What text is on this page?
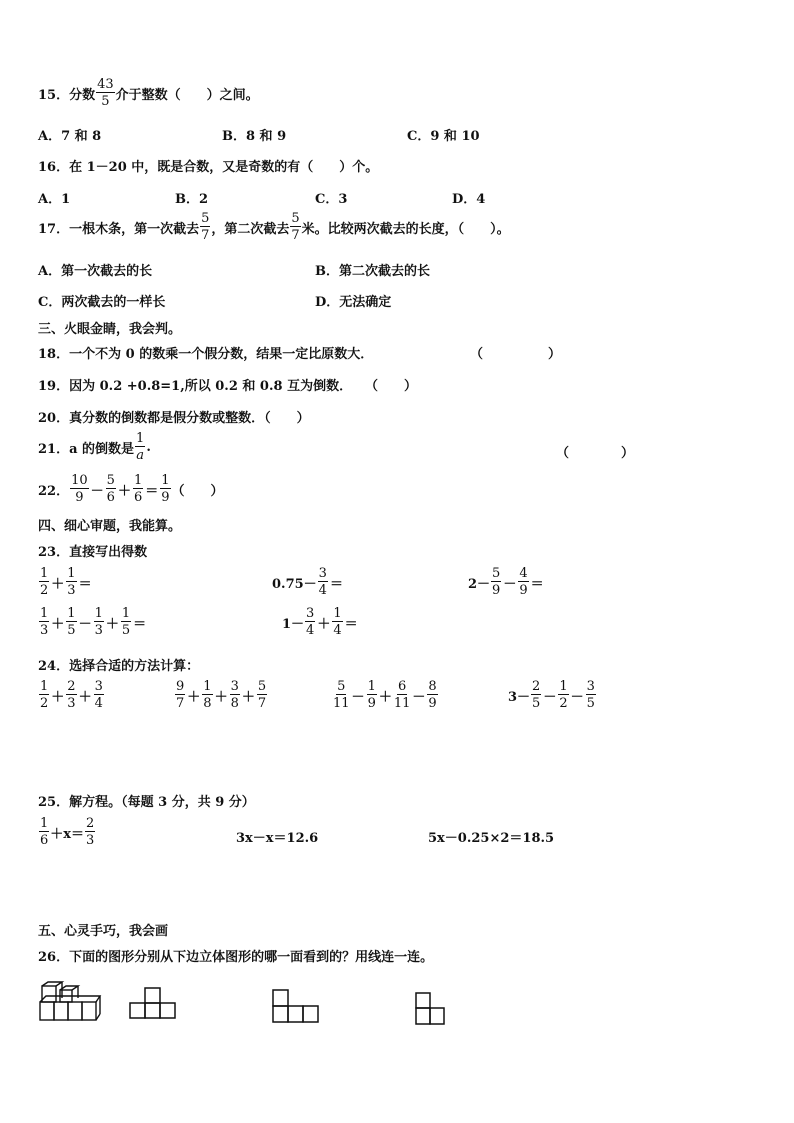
15．分数 $\frac{43}{5}$ 介于整数（　　）之间。
A．7 和 8	B．8 和 9	C．9 和 10
16．在 1－20 中，既是合数，又是奇数的有（　　）个。
A．1	B．2	C．3	D．4
17．一根木条，第一次截去 $\frac{5}{7}$ ，第二次截去 $\frac{5}{7}$ 米。比较两次截去的长度，（　　）。
A．第一次截去的长	B．第二次截去的长
C．两次截去的一样长	D．无法确定
三、火眼金睛，我会判。
18．一个不为 0 的数乘一个假分数，结果一定比原数大．	（　　　　　）
19．因为 0.2 +0.8=1,所以 0.2 和 0.8 互为倒数． （　　）
20．真分数的倒数都是假分数或整数．（　　）
21．a 的倒数是 $\frac{1}{a}$ .	（　　　　）
22． $\frac{10}{9} - \frac{5}{6} + \frac{1}{6} = \frac{1}{9}$ （　　）
四、细心审题，我能算。
23．直接写出得数
$\frac{1}{2} + \frac{1}{3}$ ＝	$0.75- \frac{3}{4}$ ＝	$2- \frac{5}{9} - \frac{4}{9}$ ＝
$\frac{1}{3} + \frac{1}{5} - \frac{1}{3} + \frac{1}{5}$ ＝	$1- \frac{3}{4} + \frac{1}{4}$ ＝
24．选择合适的方法计算：
$\frac{1}{2} + \frac{2}{3} + \frac{3}{4}$	$\frac{9}{7} + \frac{1}{8} + \frac{3}{8} + \frac{5}{7}$	$\frac{5}{11} - \frac{1}{9} + \frac{6}{11} - \frac{8}{9}$	$3- \frac{2}{5} - \frac{1}{2} - \frac{3}{5}$
25．解方程。（每题 3 分，共 9 分）
$\frac{1}{6} +x= \frac{2}{3}$	3x－x＝12.6	5x－0.25×2＝18.5
五、心灵手巧，我会画
26．下面的图形分别从下边立体图形的哪一面看到的？用线连一连。
